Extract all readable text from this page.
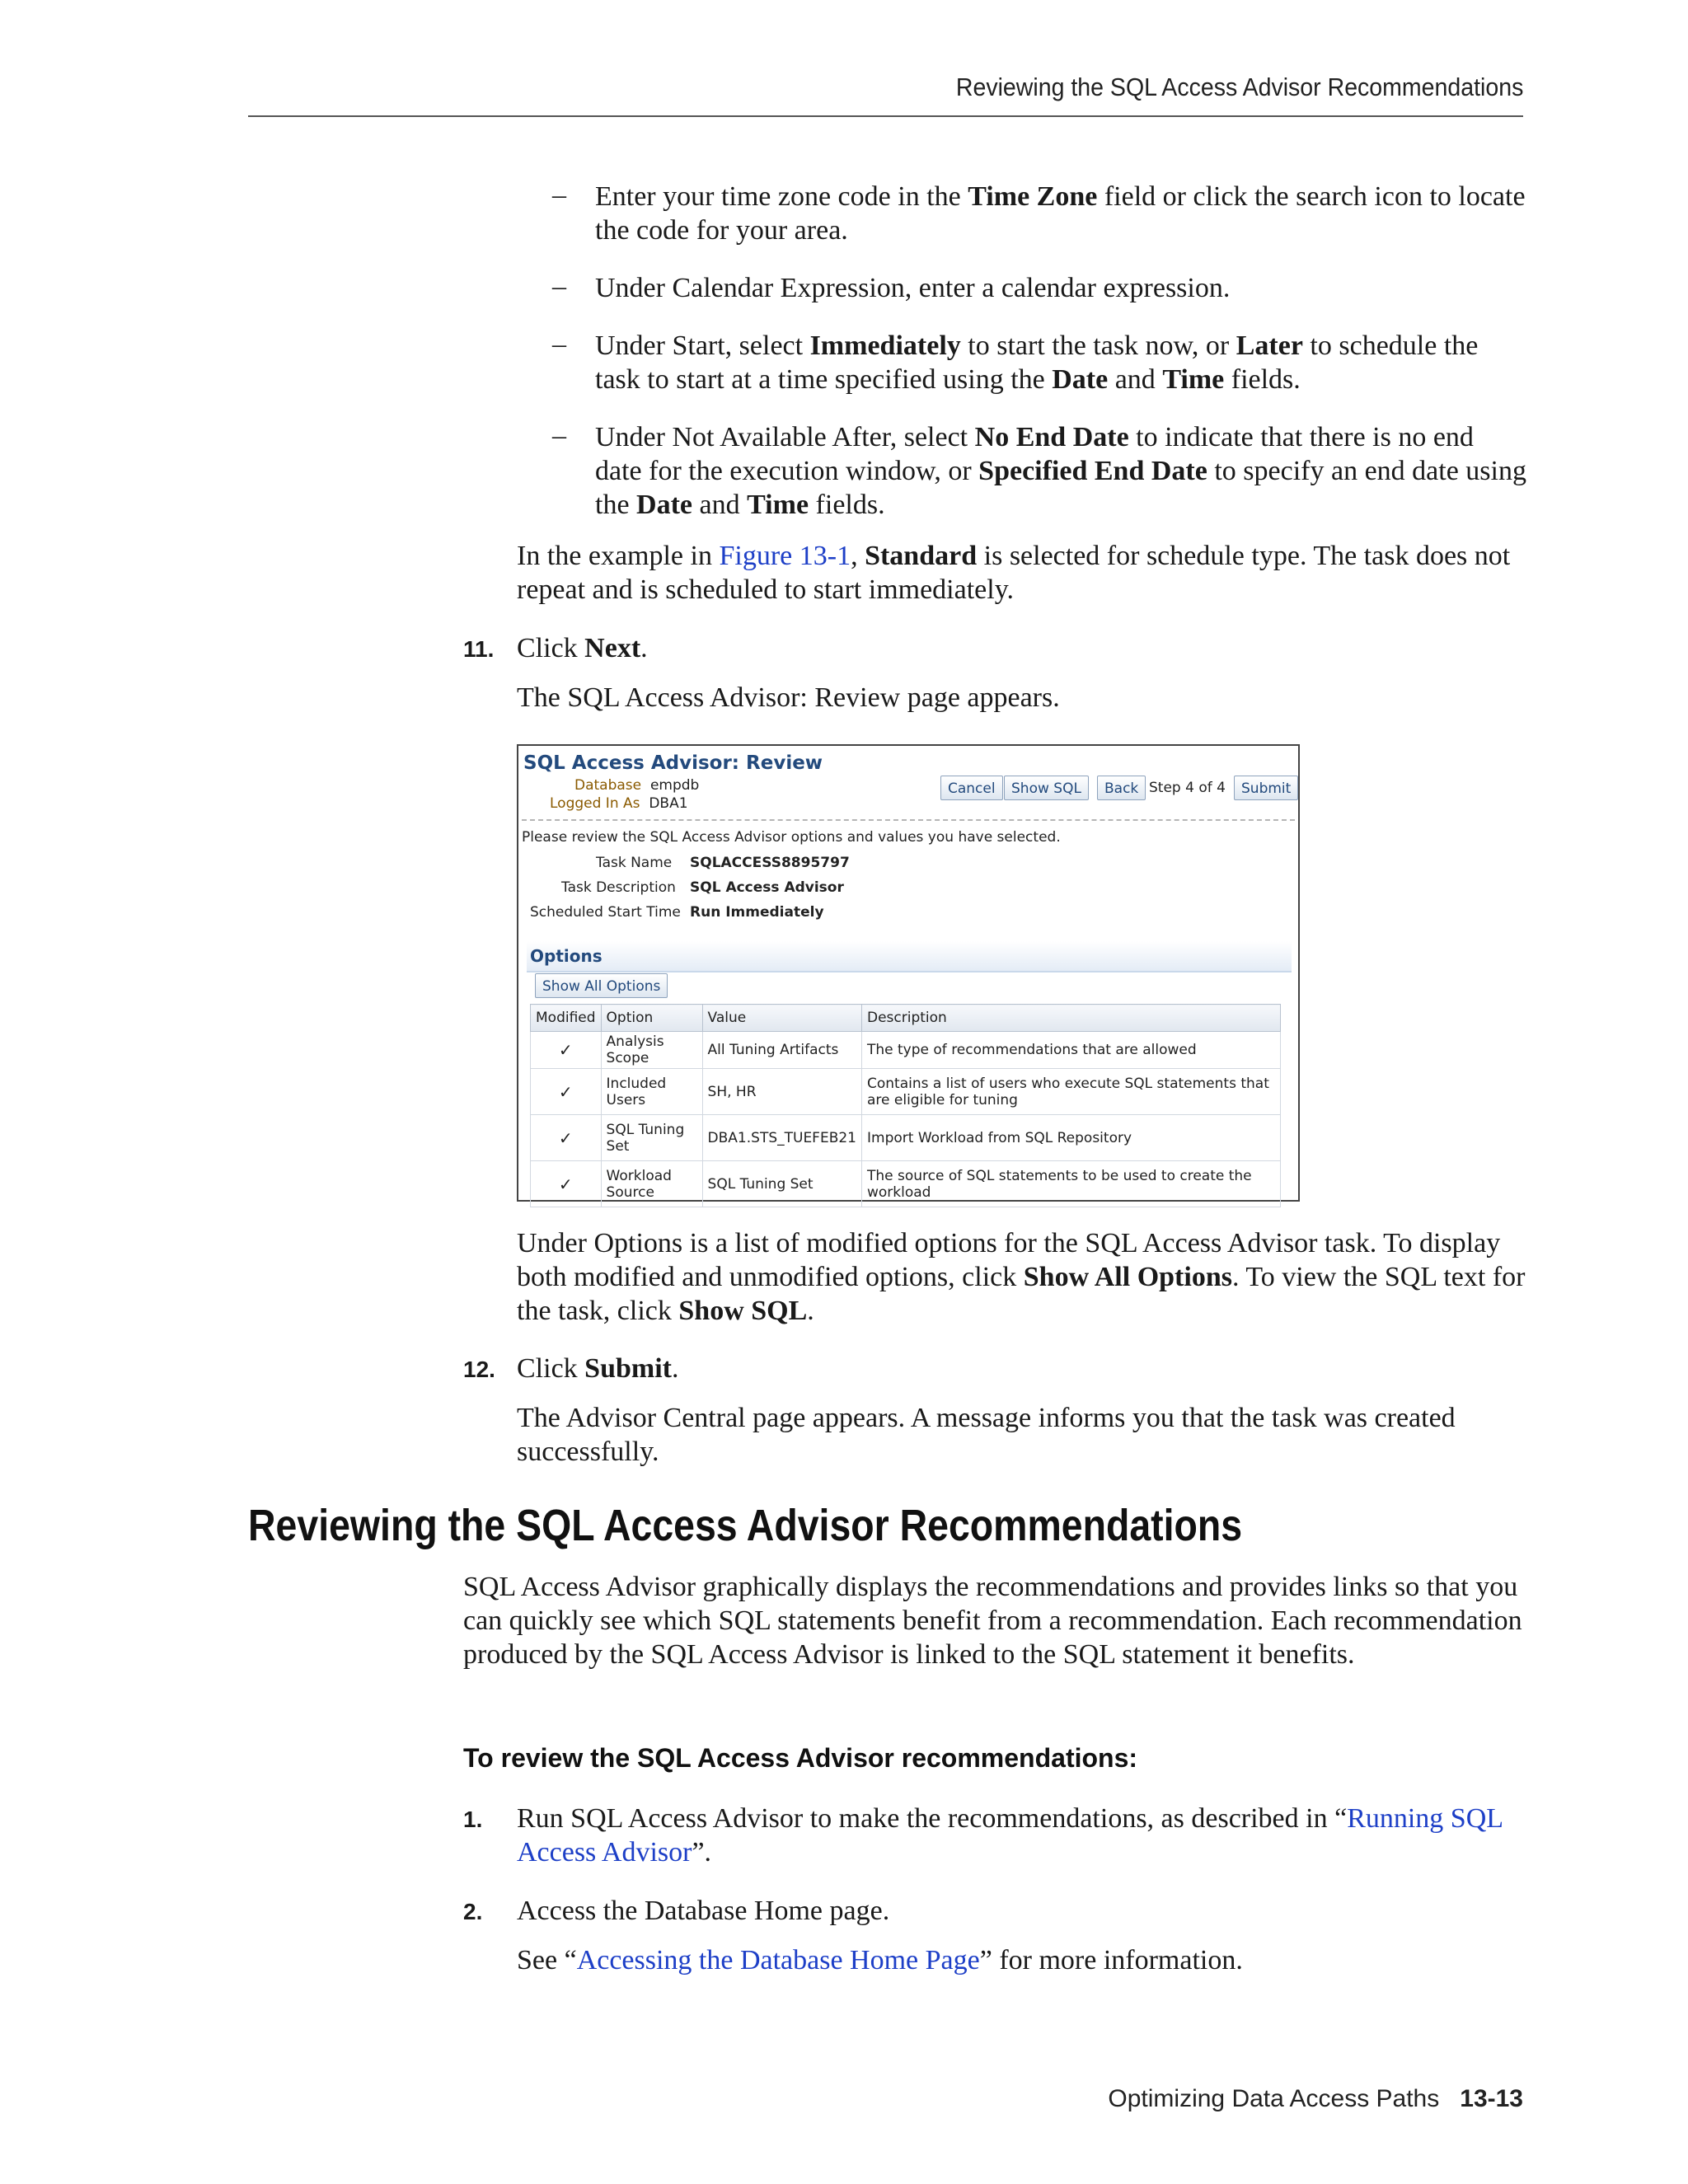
Reviewing the SQL Access Advisor Recommendations
– Enter your time zone code in the Time Zone field or click the search icon to locate the code for your area.
– Under Calendar Expression, enter a calendar expression.
– Under Start, select Immediately to start the task now, or Later to schedule the task to start at a time specified using the Date and Time fields.
– Under Not Available After, select No End Date to indicate that there is no end date for the execution window, or Specified End Date to specify an end date using the Date and Time fields.
In the example in Figure 13-1, Standard is selected for schedule type. The task does not repeat and is scheduled to start immediately.
11. Click Next.
The SQL Access Advisor: Review page appears.
SQL Access Advisor: Review
Database empdb
Logged In As DBA1
Cancel	Show SQL	Back Step 4 of 4	Submit
Please review the SQL Access Advisor options and values you have selected.
Task Name SQLACCESS8895797
Task Description SQL Access Advisor
Scheduled Start Time Run Immediately
Options
Show All Options
Modified	Option	Value	Description
✓	Analysis Scope	All Tuning Artifacts	The type of recommendations that are allowed
✓	Included Users	SH, HR	Contains a list of users who execute SQL statements that are eligible for tuning
✓	SQL Tuning Set	DBA1.STS_TUEFEB21	Import Workload from SQL Repository
✓	Workload Source	SQL Tuning Set	The source of SQL statements to be used to create the workload
Under Options is a list of modified options for the SQL Access Advisor task. To display both modified and unmodified options, click Show All Options. To view the SQL text for the task, click Show SQL.
12. Click Submit.
The Advisor Central page appears. A message informs you that the task was created successfully.
Reviewing the SQL Access Advisor Recommendations
SQL Access Advisor graphically displays the recommendations and provides links so that you can quickly see which SQL statements benefit from a recommendation. Each recommendation produced by the SQL Access Advisor is linked to the SQL statement it benefits.
To review the SQL Access Advisor recommendations:
1. Run SQL Access Advisor to make the recommendations, as described in “Running SQL Access Advisor”.
2. Access the Database Home page.
See “Accessing the Database Home Page” for more information.
Optimizing Data Access Paths 13-13
